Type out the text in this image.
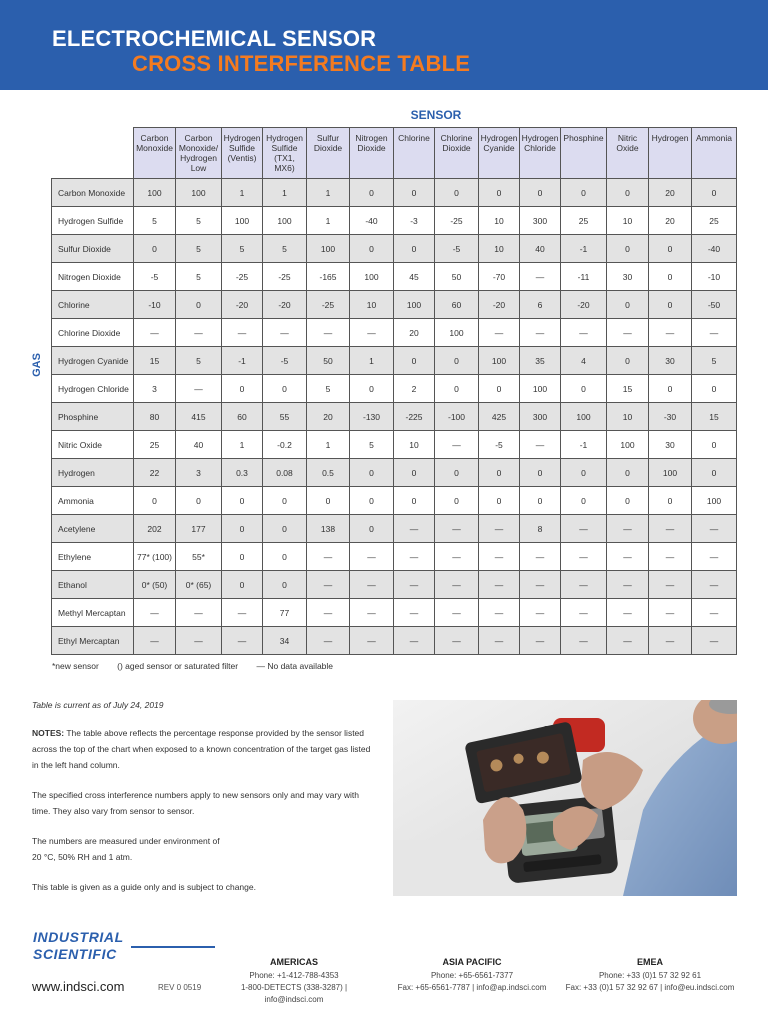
ELECTROCHEMICAL SENSOR
CROSS INTERFERENCE TABLE
SENSOR
GAS
	Carbon Monoxide	Carbon Monoxide/ Hydrogen Low	Hydrogen Sulfide (Ventis)	Hydrogen Sulfide (TX1, MX6)	Sulfur Dioxide	Nitrogen Dioxide	Chlorine	Chlorine Dioxide	Hydrogen Cyanide	Hydrogen Chloride	Phosphine	Nitric Oxide	Hydrogen	Ammonia
Carbon Monoxide	100	100	1	1	1	0	0	0	0	0	0	0	20	0
Hydrogen Sulfide	5	5	100	100	1	-40	-3	-25	10	300	25	10	20	25
Sulfur Dioxide	0	5	5	5	100	0	0	-5	10	40	-1	0	0	-40
Nitrogen Dioxide	-5	5	-25	-25	-165	100	45	50	-70	—	-11	30	0	-10
Chlorine	-10	0	-20	-20	-25	10	100	60	-20	6	-20	0	0	-50
Chlorine Dioxide	—	—	—	—	—	—	20	100	—	—	—	—	—	—
Hydrogen Cyanide	15	5	-1	-5	50	1	0	0	100	35	4	0	30	5
Hydrogen Chloride	3	—	0	0	5	0	2	0	0	100	0	15	0	0
Phosphine	80	415	60	55	20	-130	-225	-100	425	300	100	10	-30	15
Nitric Oxide	25	40	1	-0.2	1	5	10	—	-5	—	-1	100	30	0
Hydrogen	22	3	0.3	0.08	0.5	0	0	0	0	0	0	0	100	0
Ammonia	0	0	0	0	0	0	0	0	0	0	0	0	0	100
Acetylene	202	177	0	0	138	0	—	—	—	8	—	—	—	—
Ethylene	77* (100)	55*	0	0	—	—	—	—	—	—	—	—	—	—
Ethanol	0* (50)	0* (65)	0	0	—	—	—	—	—	—	—	—	—	—
Methyl Mercaptan	—	—	—	77	—	—	—	—	—	—	—	—	—	—
Ethyl Mercaptan	—	—	—	34	—	—	—	—	—	—	—	—	—	—
*new sensor () aged sensor or saturated filter — No data available

Table is current as of July 24, 2019

NOTES: The table above reflects the percentage response provided by the sensor listed across the top of the chart when exposed to a known concentration of the target gas listed in the left hand column.

The specified cross interference numbers apply to new sensors only and may vary with time. They also vary from sensor to sensor.

The numbers are measured under environment of
20 °C, 50% RH and 1 atm.

This table is given as a guide only and is subject to change.

INDUSTRIAL
SCIENTIFIC
www.indsci.com	REV 0 0519
AMERICAS
Phone: +1-412-788-4353
1-800-DETECTS (338-3287) | info@indsci.com
ASIA PACIFIC
Phone: +65-6561-7377
Fax: +65-6561-7787 | info@ap.indsci.com
EMEA
Phone: +33 (0)1 57 32 92 61
Fax: +33 (0)1 57 32 92 67 | info@eu.indsci.com
